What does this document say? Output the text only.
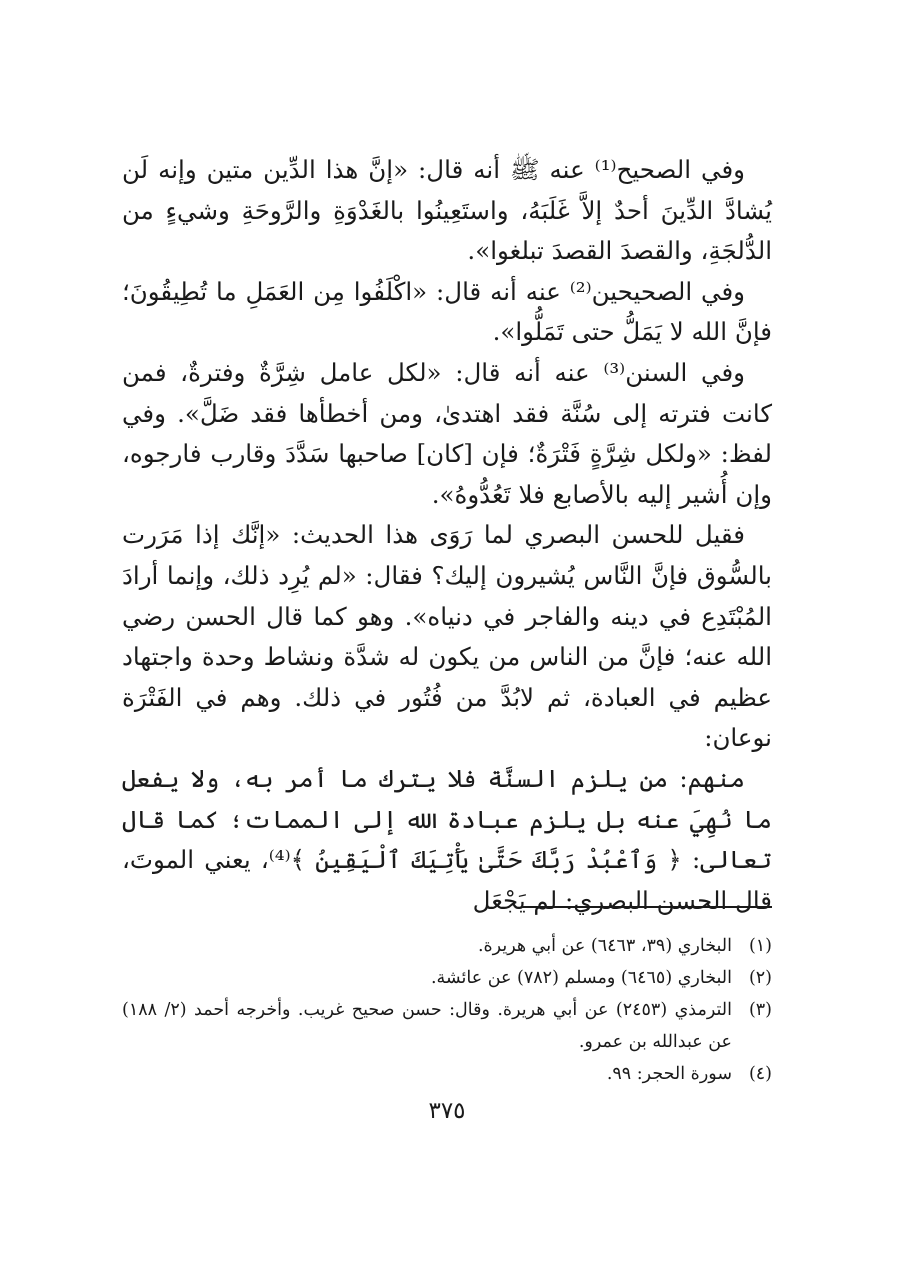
وفي الصحيح⁽¹⁾ عنه ﷺ أنه قال: «إنَّ هذا الدِّين متين وإنه لَن يُشادَّ الدِّينَ أحدٌ إلاَّ غَلَبَهُ، واستَعِينُوا بالغَدْوَةِ والرَّوحَةِ وشيءٍ من الدُّلجَةِ، والقصدَ القصدَ تبلغوا».

وفي الصحيحين⁽²⁾ عنه أنه قال: «اكْلَفُوا مِن العَمَلِ ما تُطِيقُونَ؛ فإنَّ الله لا يَمَلُّ حتى تَمَلُّوا».

وفي السنن⁽³⁾ عنه أنه قال: «لكل عامل شِرَّةٌ وفترةٌ، فمن كانت فترته إلى سُنَّة فقد اهتدىٰ، ومن أخطأها فقد ضَلَّ». وفي لفظ: «ولكل شِرَّةٍ فَتْرَةٌ؛ فإن [كان] صاحبها سَدَّدَ وقارب فارجوه، وإن أُشير إليه بالأصابع فلا تَعُدُّوهُ».

فقيل للحسن البصري لما رَوَى هذا الحديث: «إنَّك إذا مَرَرت بالسُّوق فإنَّ النَّاس يُشيرون إليك؟ فقال: «لم يُرِد ذلك، وإنما أرادَ المُبْتَدِع في دينه والفاجر في دنياه». وهو كما قال الحسن رضي الله عنه؛ فإنَّ من الناس من يكون له شدَّة ونشاط وحدة واجتهاد عظيم في العبادة، ثم لابُدَّ من فُتُور في ذلك. وهم في الفَتْرَة نوعان:

منهم: من يلزم السنَّة فلا يترك ما أمر به، ولا يفعل ما نُهِيَ عنه بل يلزم عبادة الله إلى الممات؛ كما قال تعالى: ﴿ وَٱعْبُدْ رَبَّكَ حَتَّىٰ يَأْتِيَكَ ٱلْيَقِينُ ﴾⁽⁴⁾، يعني الموتَ، قال الحسن البصري: لم يَجْعَل

(١)
البخاري (٣٩، ٦٤٦٣) عن أبي هريرة.
(٢)
البخاري (٦٤٦٥) ومسلم (٧٨٢) عن عائشة.
(٣)
الترمذي (٢٤٥٣) عن أبي هريرة. وقال: حسن صحيح غريب. وأخرجه أحمد (٢/ ١٨٨) عن عبدالله بن عمرو.
(٤)
سورة الحجر: ٩٩.
٣٧٥
